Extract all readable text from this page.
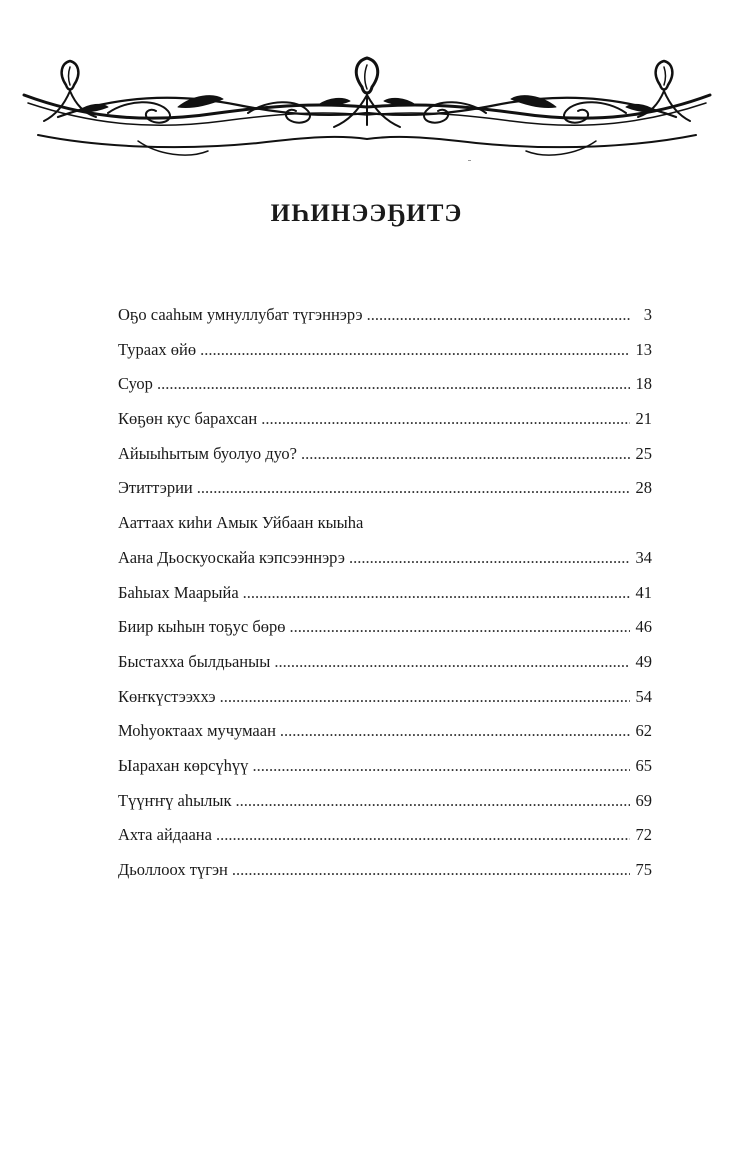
ИҺИНЭЭҔИТЭ
Оҕо сааһым умнуллубат түгэннэрэ .....	3
Тураах өйө .....	13
Суор .....	18
Көҕөн кус барахсан .....	21
Айыыһытым буолуо дуо? .....	25
Этиттэрии .....	28
Ааттаах киһи Амык Уйбаан кыыһа
Аана Дьоскуоскайа кэпсээннэрэ .....	34
Баһыах Маарыйа .....	41
Биир кыһын тоҕус бөрө .....	46
Быстахха былдьаныы .....	49
Көҥкүстээххэ .....	54
Моһуоктаах мучумаан .....	62
Ыарахан көрсүһүү .....	65
Түүҥҥү аһылык .....	69
Ахта айдаана .....	72
Дьоллоох түгэн .....	75
